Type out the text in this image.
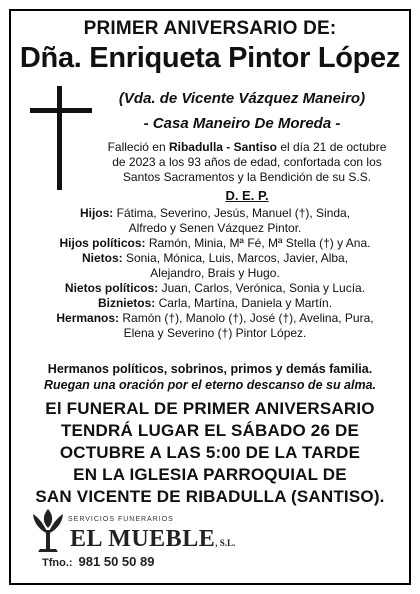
PRIMER ANIVERSARIO DE:
Dña. Enriqueta Pintor López
(Vda. de Vicente Vázquez Maneiro)
- Casa Maneiro De Moreda -
Falleció en Ribadulla - Santiso el día 21 de octubre
de 2023 a los 93 años de edad, confortada con los
Santos Sacramentos y la Bendición de su S.S.
D. E. P.
Hijos: Fátima, Severino, Jesús, Manuel (†), Sinda,
Alfredo y Senen Vázquez Pintor.
Hijos políticos: Ramón, Minia, Mª Fé, Mª Stella (†) y Ana.
Nietos: Sonia, Mónica, Luis, Marcos, Javier, Alba,
Alejandro, Brais y Hugo.
Nietos políticos: Juan, Carlos, Verónica, Sonia y Lucía.
Biznietos: Carla, Martína, Daniela y Martín.
Hermanos: Ramón (†), Manolo (†), José (†), Avelina, Pura,
Elena y Severino (†) Pintor López.
Hermanos políticos, sobrinos, primos y demás familia.
Ruegan una oración por el eterno descanso de su alma.
El FUNERAL DE PRIMER ANIVERSARIO
TENDRÁ LUGAR EL SÁBADO 26 DE
OCTUBRE A LAS 5:00 DE LA TARDE
EN LA IGLESIA PARROQUIAL DE
SAN VICENTE DE RIBADULLA (SANTISO).
SERVICIOS FUNERARIOS
EL MUEBLE, S.L.
Tfno.: 981 50 50 89
